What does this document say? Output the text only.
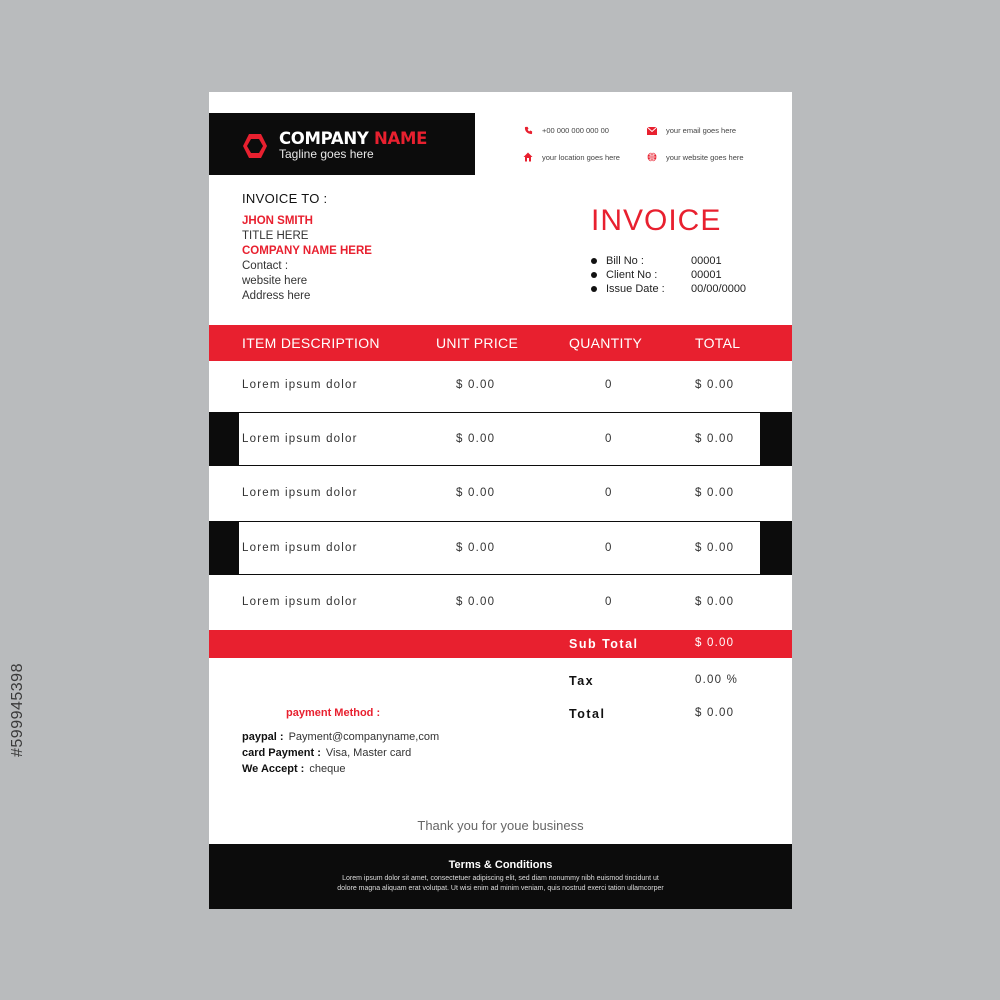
#599945398
COMPANY NAME
Tagline goes here
+00 000 000 000 00	your email goes here
your location goes here	your website goes here
INVOICE TO :
JHON SMITH
TITLE HERE
COMPANY NAME HERE
Contact :
website here
Address here
INVOICE
Bill No :	00001
Client No :	00001
Issue Date :	00/00/0000
ITEM DESCRIPTION	UNIT PRICE	QUANTITY	TOTAL
Lorem ipsum dolor	$ 0.00	0	$ 0.00
Lorem ipsum dolor	$ 0.00	0	$ 0.00
Lorem ipsum dolor	$ 0.00	0	$ 0.00
Lorem ipsum dolor	$ 0.00	0	$ 0.00
Lorem ipsum dolor	$ 0.00	0	$ 0.00
Sub Total	$ 0.00
Tax	0.00 %
Total	$ 0.00
payment Method :
paypal : Payment@companyname,com
card Payment : Visa, Master card
We Accept : cheque
Thank you for youe business
Terms & Conditions
Lorem ipsum dolor sit amet, consectetuer adipiscing elit, sed diam nonummy nibh euismod tincidunt ut
dolore magna aliquam erat volutpat. Ut wisi enim ad minim veniam, quis nostrud exerci tation ullamcorper
